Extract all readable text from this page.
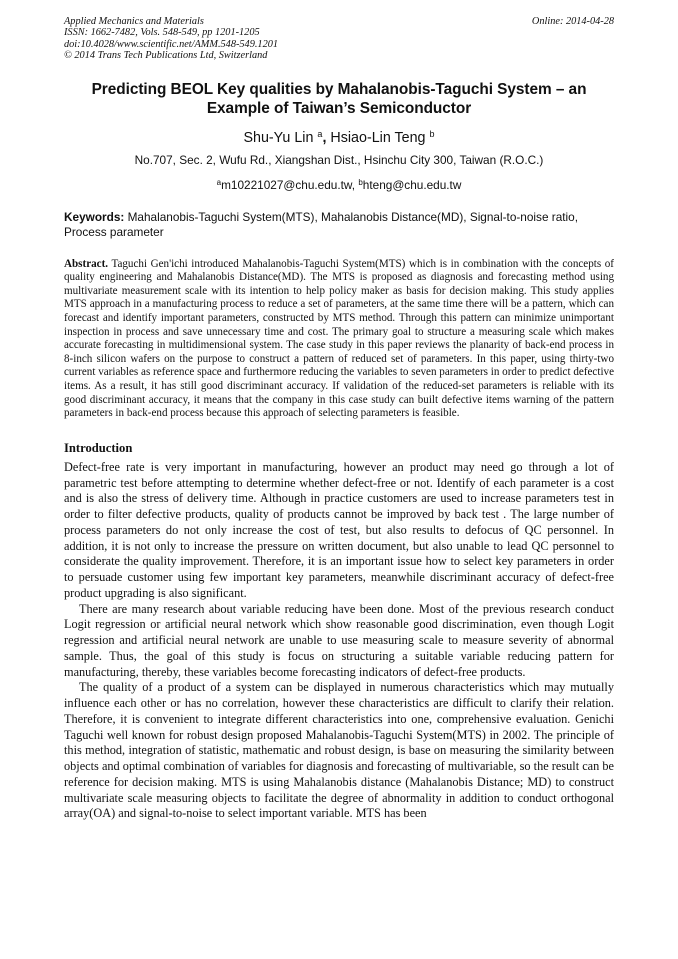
Applied Mechanics and Materials
ISSN: 1662-7482, Vols. 548-549, pp 1201-1205
doi:10.4028/www.scientific.net/AMM.548-549.1201
© 2014 Trans Tech Publications Ltd, Switzerland
Online: 2014-04-28
Predicting BEOL Key qualities by Mahalanobis-Taguchi System – an Example of Taiwan’s Semiconductor
Shu-Yu Lin $^a$, Hsiao-Lin Teng $^b$
No.707, Sec. 2, Wufu Rd., Xiangshan Dist., Hsinchu City 300, Taiwan (R.O.C.)
$^a$m10221027@chu.edu.tw, $^b$hteng@chu.edu.tw
Keywords: Mahalanobis-Taguchi System(MTS), Mahalanobis Distance(MD), Signal-to-noise ratio, Process parameter
Abstract. Taguchi Gen'ichi introduced Mahalanobis-Taguchi System(MTS) which is in combination with the concepts of quality engineering and Mahalanobis Distance(MD). The MTS is proposed as diagnosis and forecasting method using multivariate measurement scale with its intention to help policy maker as basis for decision making. This study applies MTS approach in a manufacturing process to reduce a set of parameters, at the same time there will be a pattern, which can forecast and identify important parameters, constructed by MTS method. Through this pattern can minimize unimportant inspection in process and save unnecessary time and cost. The primary goal to structure a measuring scale which makes accurate forecasting in multidimensional system. The case study in this paper reviews the planarity of back-end process in 8-inch silicon wafers on the purpose to construct a pattern of reduced set of parameters. In this paper, using thirty-two current variables as reference space and furthermore reducing the variables to seven parameters in order to predict defective items. As a result, it has still good discriminant accuracy. If validation of the reduced-set parameters is reliable with its good discriminant accuracy, it means that the company in this case study can built defective items warning of the pattern parameters in back-end process because this approach of selecting parameters is feasible.
Introduction

Defect-free rate is very important in manufacturing, however an product may need go through a lot of parametric test before attempting to determine whether defect-free or not. Identify of each parameter is a cost and is also the stress of delivery time. Although in practice customers are used to increase parameters test in order to filter defective products, quality of products cannot be improved by back test . The large number of process parameters do not only increase the cost of test, but also results to defocus of QC personnel. In addition, it is not only to increase the pressure on written document, but also unable to lead QC personnel to considerate the quality improvement. Therefore, it is an important issue how to select key parameters in order to persuade customer using few important key parameters, meanwhile discriminant accuracy of defect-free product upgrading is also significant.

There are many research about variable reducing have been done. Most of the previous research conduct Logit regression or artificial neural network which show reasonable good discrimination, even though Logit regression and artificial neural network are unable to use measuring scale to measure severity of abnormal sample. Thus, the goal of this study is focus on structuring a suitable variable reducing pattern for manufacturing, thereby, these variables become forecasting indicators of defect-free products.

The quality of a product of a system can be displayed in numerous characteristics which may mutually influence each other or has no correlation, however these characteristics are difficult to clarify their relation. Therefore, it is convenient to integrate different characteristics into one, comprehensive evaluation. Genichi Taguchi well known for robust design proposed Mahalanobis-Taguchi System(MTS) in 2002. The principle of this method, integration of statistic, mathematic and robust design, is base on measuring the similarity between objects and optimal combination of variables for diagnosis and forecasting of multivariable, so the result can be reference for decision making. MTS is using Mahalanobis distance (Mahalanobis Distance; MD) to construct multivariate scale measuring objects to facilitate the degree of abnormality in addition to conduct orthogonal array(OA) and signal-to-noise to select important variable. MTS has been
